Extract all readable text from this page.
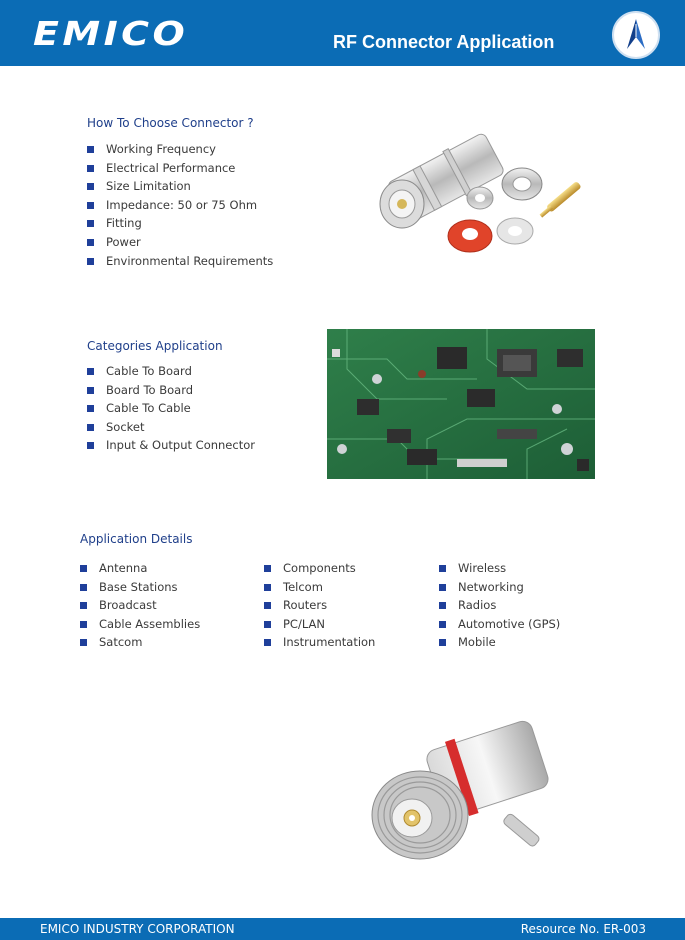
EMICO	RF Connector Application
How To Choose Connector ?
Working Frequency
Electrical Performance
Size Limitation
Impedance: 50 or 75 Ohm
Fitting
Power
Environmental Requirements
Categories Application
Cable To Board
Board To Board
Cable To Cable
Socket
Input & Output Connector
Application Details
Antenna
Base Stations
Broadcast
Cable Assemblies
Satcom
Components
Telcom
Routers
PC/LAN
Instrumentation
Wireless
Networking
Radios
Automotive (GPS)
Mobile
EMICO INDUSTRY CORPORATION	Resource No. ER-003
